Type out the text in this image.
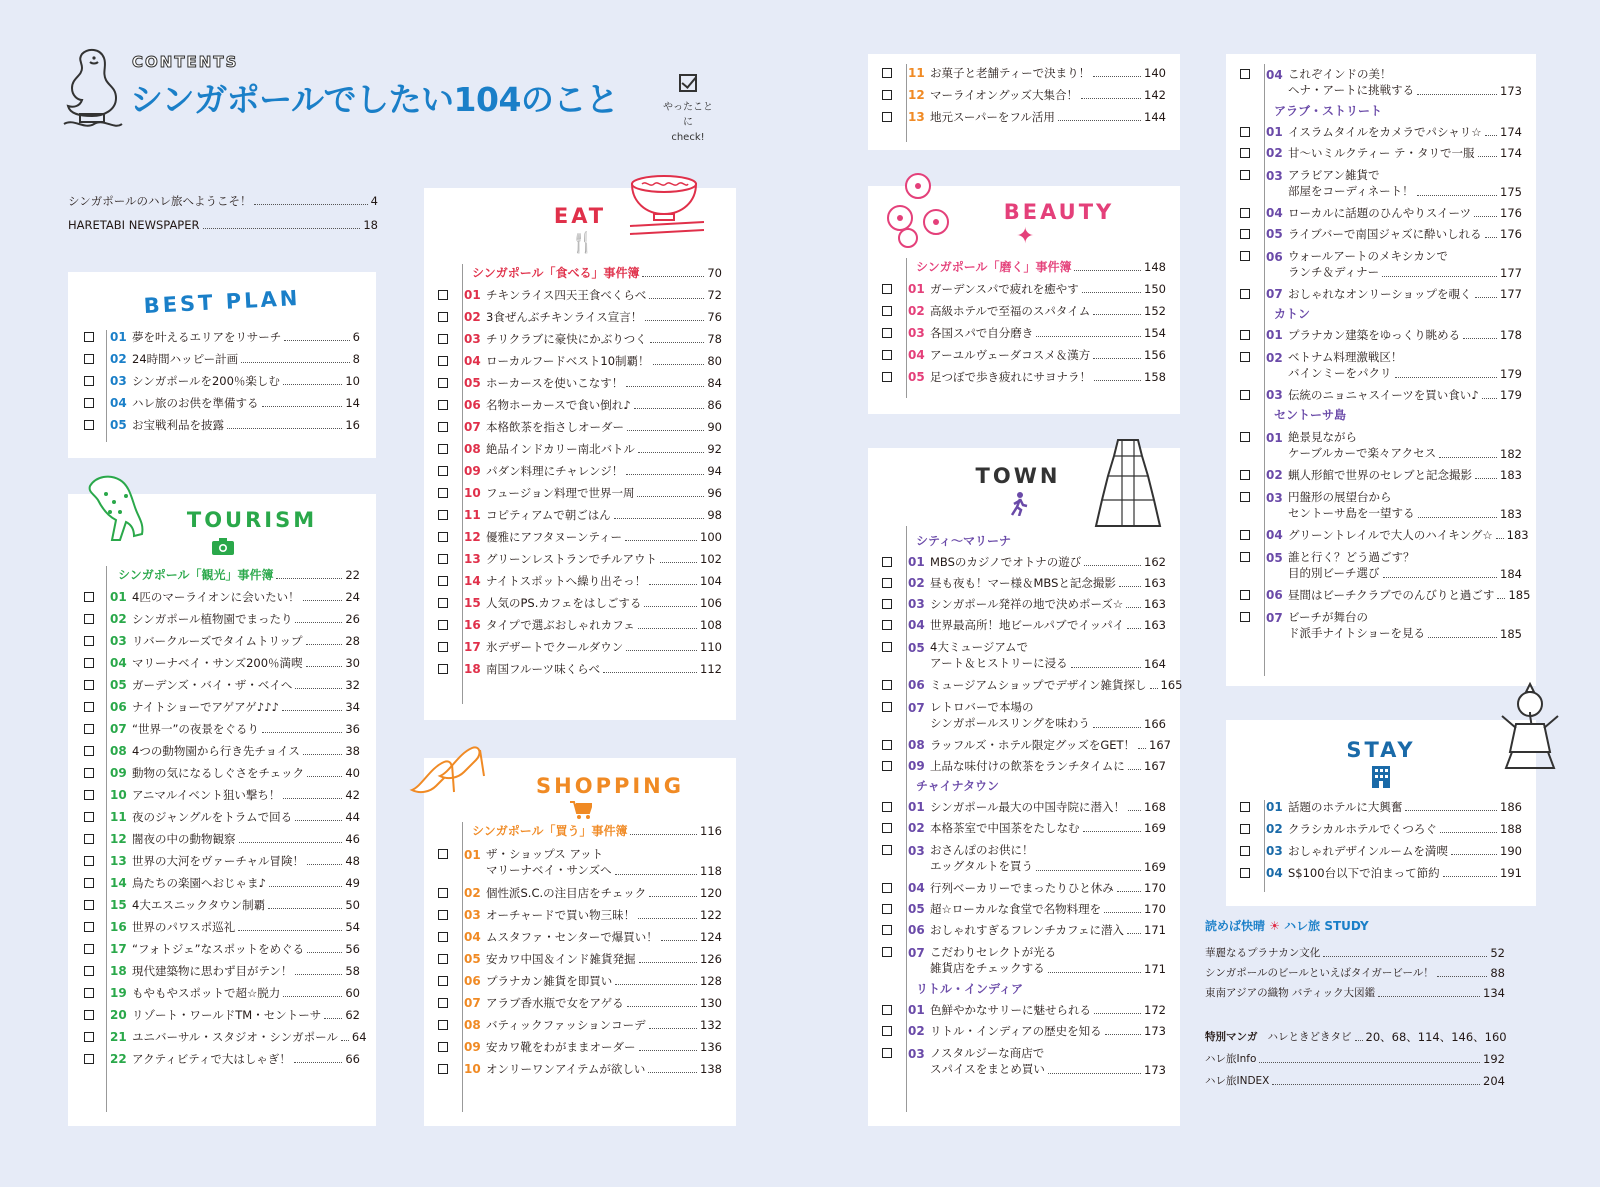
CONTENTS
シンガポールでしたい104のこと	やったことに
check!
シンガポールのハレ旅へようこそ！	4
HARETABI NEWSPAPER	18
BEST PLAN
01 夢を叶えるエリアをリサーチ	6
02 24時間ハッピー計画	8
03 シンガポールを200％楽しむ	10
04 ハレ旅のお供を準備する	14
05 お宝戦利品を披露	16
TOURISM
シンガポール「観光」事件簿	22
01 4匹のマーライオンに会いたい！	24
02 シンガポール植物園でまったり	26
03 リバークルーズでタイムトリップ	28
04 マリーナベイ・サンズ200％満喫	30
05 ガーデンズ・バイ・ザ・ベイへ	32
06 ナイトショーでアゲアゲ♪♪♪	34
07 “世界一”の夜景をぐるり	36
08 4つの動物園から行き先チョイス	38
09 動物の気になるしぐさをチェック	40
10 アニマルイベント狙い撃ち！	42
11 夜のジャングルをトラムで回る	44
12 闇夜の中の動物観察	46
13 世界の大河をヴァーチャル冒険！	48
14 鳥たちの楽園へおじゃま♪	49
15 4大エスニックタウン制覇	50
16 世界のパワスポ巡礼	54
17 “フォトジェ”なスポットをめぐる	56
18 現代建築物に思わず目がテン！	58
19 もやもやスポットで超☆脱力	60
20 リゾート・ワールドTM・セントーサ 62
21 ユニバーサル・スタジオ・シンガポール 64
22 アクティビティで大はしゃぎ！	66
EAT
🍴
シンガポール「食べる」事件簿	70
01 チキンライス四天王食べくらべ	72
02 3食ぜんぶチキンライス宣言！	76
03 チリクラブに豪快にかぶりつく	78
04 ローカルフードベスト10制覇！	80
05 ホーカースを使いこなす！	84
06 名物ホーカースで食い倒れ♪	86
07 本格飲茶を指さしオーダー	90
08 絶品インドカリー南北バトル	92
09 パダン料理にチャレンジ！	94
10 フュージョン料理で世界一周	96
11 コピティアムで朝ごはん	98
12 優雅にアフタヌーンティー	100
13 グリーンレストランでチルアウト	102
14 ナイトスポットへ繰り出そっ！	104
15 人気のPS.カフェをはしごする	106
16 タイプで選ぶおしゃれカフェ	108
17 氷デザートでクールダウン	110
18 南国フルーツ味くらべ	112
SHOPPING
シンガポール「買う」事件簿	116
01 ザ・ショップス アット
マリーナベイ・サンズへ	118
02 個性派S.C.の注目店をチェック	120
03 オーチャードで買い物三昧！	122
04 ムスタファ・センターで爆買い！	124
05 安カワ中国＆インド雑貨発掘	126
06 プラナカン雑貨を即買い	128
07 アラブ香水瓶で女をアゲる	130
08 バティックファッションコーデ	132
09 安カワ靴をわがままオーダー	136
10 オンリーワンアイテムが欲しい	138
11 お菓子と老舗ティーで決まり！	140
12 マーライオングッズ大集合！	142
13 地元スーパーをフル活用	144
BEAUTY
✦
シンガポール「磨く」事件簿	148
01 ガーデンスパで疲れを癒やす	150
02 高級ホテルで至福のスパタイム	152
03 各国スパで自分磨き	154
04 アーユルヴェーダコスメ＆漢方	156
05 足つぼで歩き疲れにサヨナラ！	158
TOWN
シティ～マリーナ
01 MBSのカジノでオトナの遊び	162
02 昼も夜も！マー様＆MBSと記念撮影 163
03 シンガポール発祥の地で決めポーズ☆ 163
04 世界最高所！地ビールパブでイッパイ 163
05 4大ミュージアムで
アート＆ヒストリーに浸る	164
06 ミュージアムショップでデザイン雑貨探し 165
07 レトロバーで本場の
シンガポールスリングを味わう	166
08 ラッフルズ・ホテル限定グッズをGET！ 167
09 上品な味付けの飲茶をランチタイムに 167
チャイナタウン
01 シンガポール最大の中国寺院に潜入！ 168
02 本格茶室で中国茶をたしなむ	169
03 おさんぽのお供に！
エッグタルトを買う	169
04 行列ベーカリーでまったりひと休み	170
05 超☆ローカルな食堂で名物料理を	170
06 おしゃれすぎるフレンチカフェに潜入 171
07 こだわりセレクトが光る
雑貨店をチェックする	171
リトル・インディア
01 色鮮やかなサリーに魅せられる	172
02 リトル・インディアの歴史を知る	173
03 ノスタルジーな商店で
スパイスをまとめ買い	173
04 これぞインドの美！
ヘナ・アートに挑戦する	173
アラブ・ストリート
01 イスラムタイルをカメラでパシャリ☆ 174
02 甘～いミルクティー テ・タリで一服 174
03 アラビアン雑貨で
部屋をコーディネート！	175
04 ローカルに話題のひんやりスイーツ	176
05 ライブバーで南国ジャズに酔いしれる 176
06 ウォールアートのメキシカンで
ランチ＆ディナー	177
07 おしゃれなオンリーショップを覗く 177
カトン
01 プラナカン建築をゆっくり眺める	178
02 ベトナム料理激戦区！
バインミーをパクリ	179
03 伝統のニョニャスイーツを買い食い♪ 179
セントーサ島
01 絶景見ながら
ケーブルカーで楽々アクセス	182
02 蝋人形館で世界のセレブと記念撮影 183
03 円盤形の展望台から
セントーサ島を一望する	183
04 グリーントレイルで大人のハイキング☆ 183
05 誰と行く？どう過ごす？
目的別ビーチ選び	184
06 昼間はビーチクラブでのんびりと過ごす 185
07 ビーチが舞台の
ド派手ナイトショーを見る	185
STAY
01 話題のホテルに大興奮	186
02 クラシカルホテルでくつろぐ	188
03 おしゃれデザインルームを満喫	190
04 S$100台以下で泊まって節約	191
読めば快晴 ☀ ハレ旅 STUDY
華麗なるプラナカン文化	52
シンガポールのビールといえばタイガービール！	88
東南アジアの織物 バティック大図鑑	134
特別マンガ ハレときどきタビ 20、68、114、146、160
ハレ旅Info	192
ハレ旅INDEX	204
